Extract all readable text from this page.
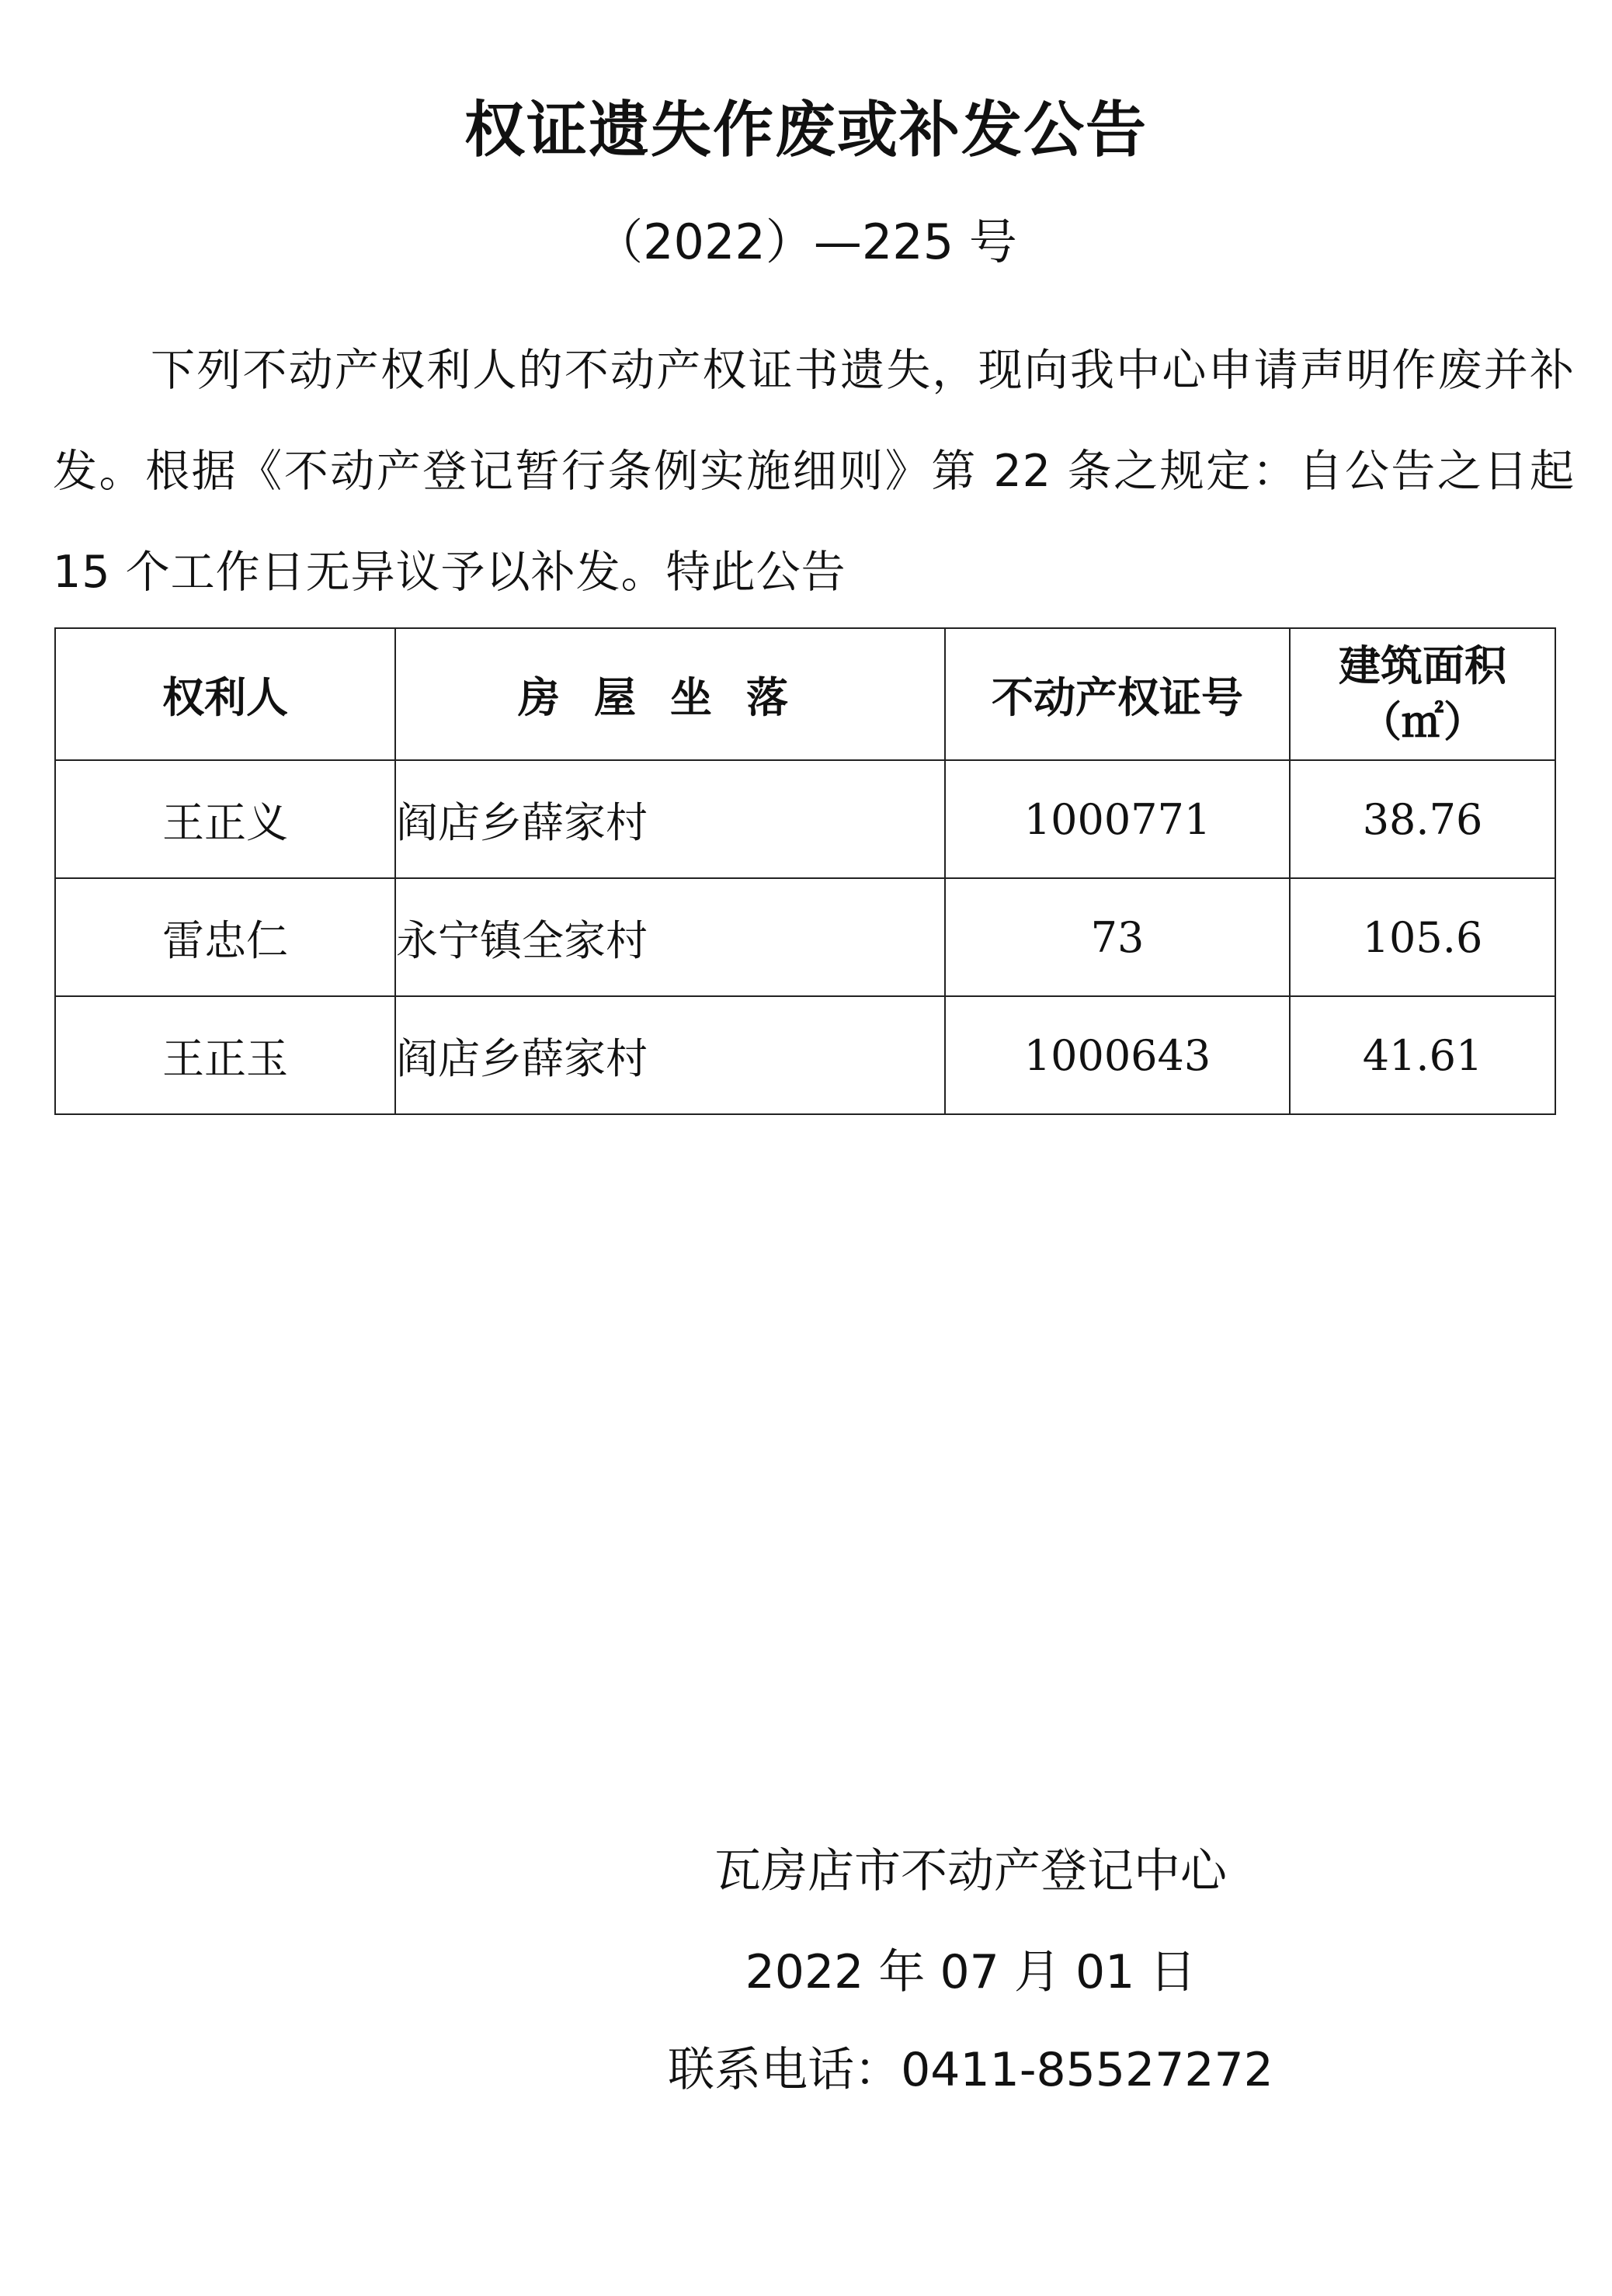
权证遗失作废或补发公告
（2022）—225 号
下列不动产权利人的不动产权证书遗失，现向我中心申请声明作废并补发。根据《不动产登记暂行条例实施细则》第 22 条之规定：自公告之日起 15 个工作日无异议予以补发。特此公告
权利人	房屋坐落	不动产权证号	建筑面积
（㎡）

王正义	阎店乡薛家村	1000771	38.76
雷忠仁	永宁镇全家村	73	105.6
王正玉	阎店乡薛家村	1000643	41.61
瓦房店市不动产登记中心
2022 年 07 月 01 日
联系电话：0411-85527272
